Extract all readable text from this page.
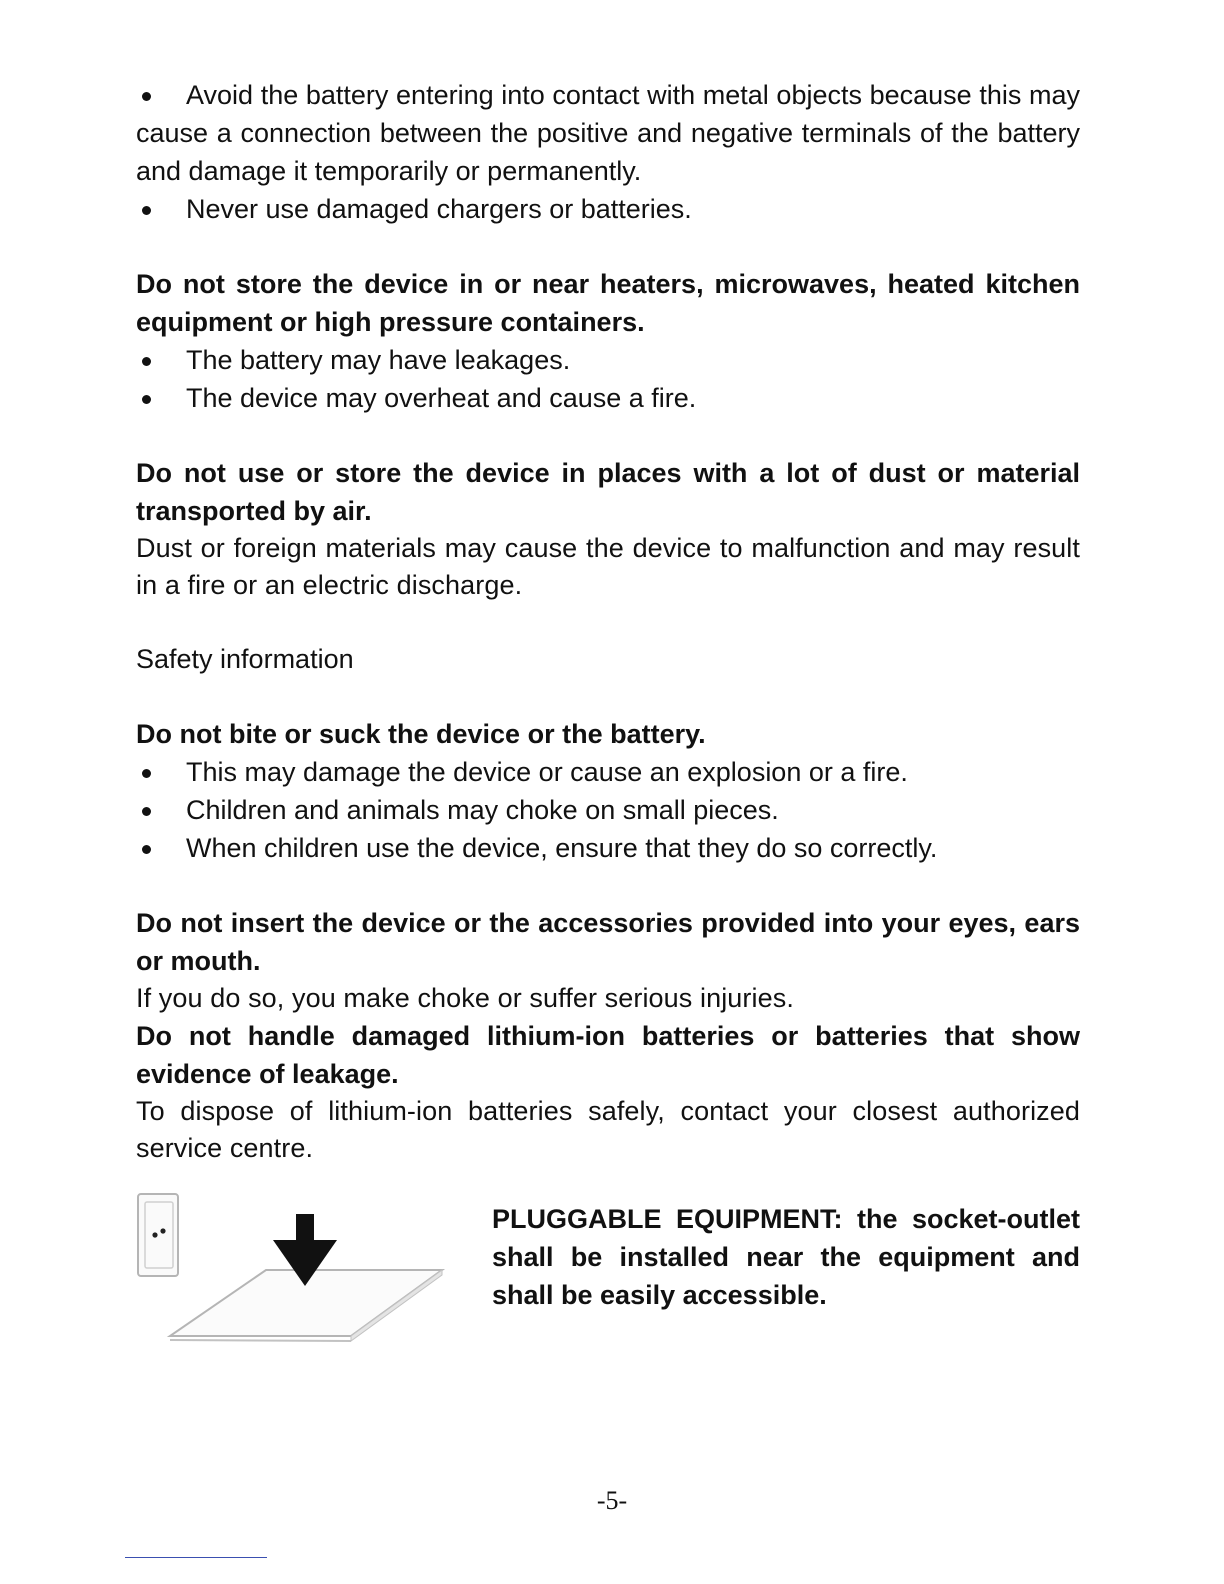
Avoid the battery entering into contact with metal objects because this may cause a connection between the positive and negative terminals of the battery and damage it temporarily or permanently.
Never use damaged chargers or batteries.

Do not store the device in or near heaters, microwaves, heated kitchen equipment or high pressure containers.

The battery may have leakages.
The device may overheat and cause a fire.

Do not use or store the device in places with a lot of dust or material transported by air.

Dust or foreign materials may cause the device to malfunction and may result in a fire or an electric discharge.

Safety information

Do not bite or suck the device or the battery.

This may damage the device or cause an explosion or a fire.
Children and animals may choke on small pieces.
When children use the device, ensure that they do so correctly.

Do not insert the device or the accessories provided into your eyes, ears or mouth.

If you do so, you make choke or suffer serious injuries.

Do not handle damaged lithium-ion batteries or batteries that show evidence of leakage.

To dispose of lithium-ion batteries safely, contact your closest authorized service centre.

PLUGGABLE EQUIPMENT: the socket-outlet shall be installed near the equipment and shall be easily accessible.

-5-
